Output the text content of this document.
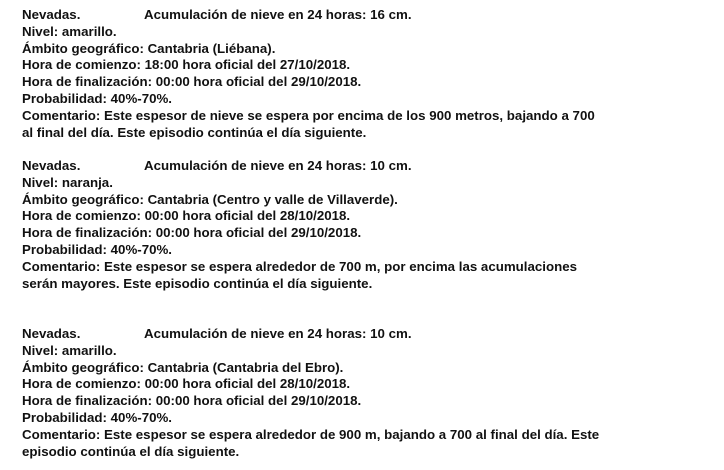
Nevadas.	Acumulación de nieve en 24 horas: 16 cm.
Nivel: amarillo.
Ámbito geográfico: Cantabria (Liébana).
Hora de comienzo: 18:00 hora oficial del 27/10/2018.
Hora de finalización: 00:00 hora oficial del 29/10/2018.
Probabilidad: 40%-70%.
Comentario: Este espesor de nieve se espera por encima de los 900 metros, bajando a 700
al final del día. Este episodio continúa el día siguiente.
Nevadas.	Acumulación de nieve en 24 horas: 10 cm.
Nivel: naranja.
Ámbito geográfico: Cantabria (Centro y valle de Villaverde).
Hora de comienzo: 00:00 hora oficial del 28/10/2018.
Hora de finalización: 00:00 hora oficial del 29/10/2018.
Probabilidad: 40%-70%.
Comentario: Este espesor se espera alrededor de 700 m, por encima las acumulaciones
serán mayores. Este episodio continúa el día siguiente.
Nevadas.	Acumulación de nieve en 24 horas: 10 cm.
Nivel: amarillo.
Ámbito geográfico: Cantabria (Cantabria del Ebro).
Hora de comienzo: 00:00 hora oficial del 28/10/2018.
Hora de finalización: 00:00 hora oficial del 29/10/2018.
Probabilidad: 40%-70%.
Comentario: Este espesor se espera alrededor de 900 m, bajando a 700 al final del día. Este
episodio continúa el día siguiente.
